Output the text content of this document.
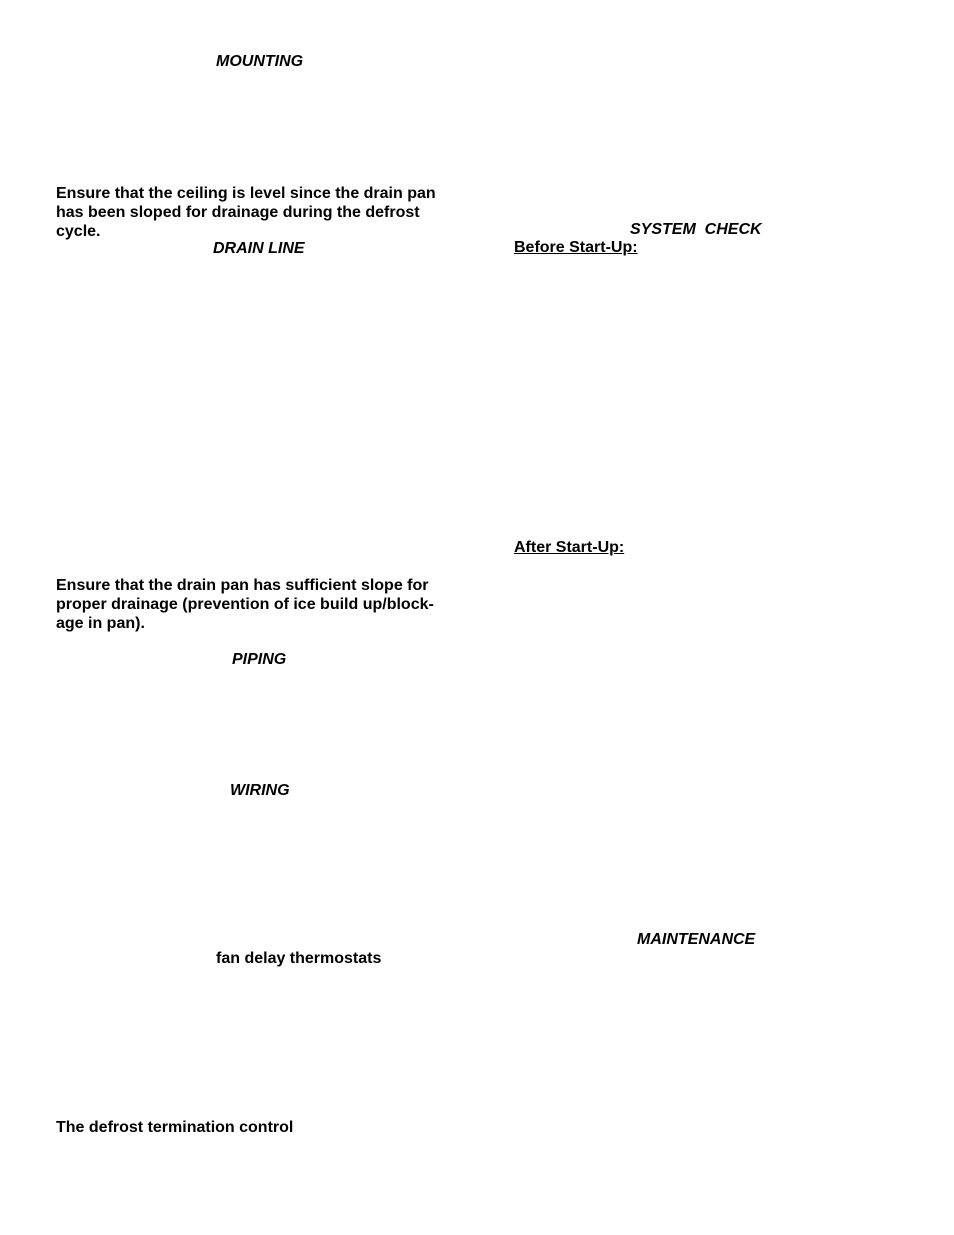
MOUNTING
Ensure that the ceiling is level since the drain pan
has been sloped for drainage during the defrost
cycle.
DRAIN LINE
Ensure that the drain pan has sufficient slope for
proper drainage (prevention of ice build up/block-
age in pan).
PIPING
WIRING
fan delay thermostats
The defrost termination control
SYSTEM  CHECK
Before Start-Up:
After Start-Up:
MAINTENANCE
